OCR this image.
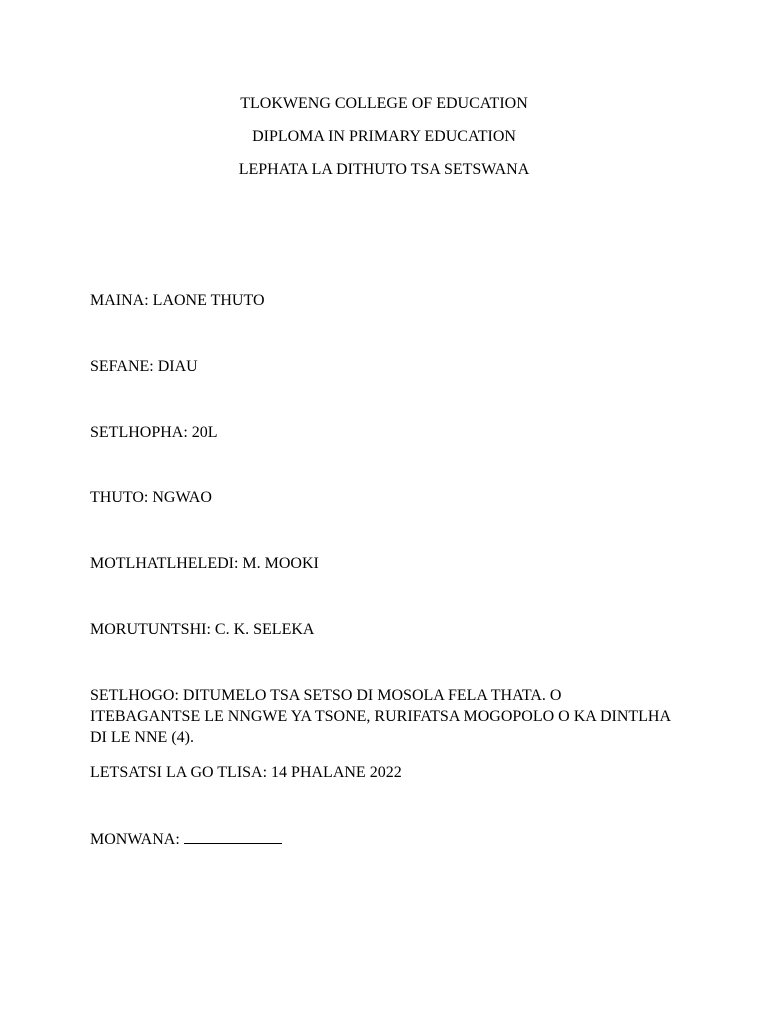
TLOKWENG COLLEGE OF EDUCATION
DIPLOMA IN PRIMARY EDUCATION
LEPHATA LA DITHUTO TSA SETSWANA
MAINA: LAONE THUTO
SEFANE: DIAU
SETLHOPHA: 20L
THUTO: NGWAO
MOTLHATLHELEDI: M. MOOKI
MORUTUNTSHI: C. K. SELEKA
SETLHOGO: DITUMELO TSA SETSO DI MOSOLA FELA THATA. O ITEBAGANTSE LE NNGWE YA TSONE, RURIFATSA MOGOPOLO O KA DINTLHA DI LE NNE (4).
LETSATSI LA GO TLISA: 14 PHALANE 2022
MONWANA:
